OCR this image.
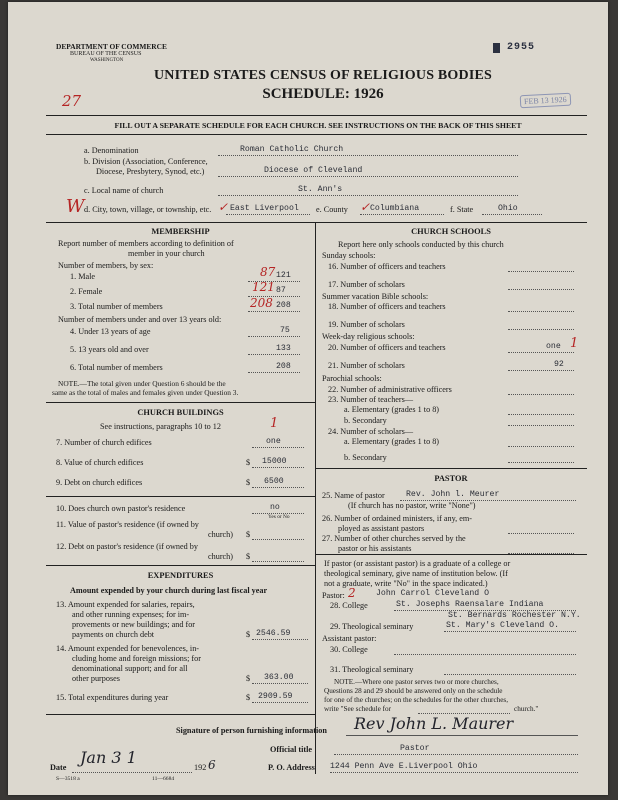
DEPARTMENT OF COMMERCE
BUREAU OF THE CENSUS
WASHINGTON
2955
UNITED STATES CENSUS OF RELIGIOUS BODIES
SCHEDULE: 1926	FEB 13 1926
27
FILL OUT A SEPARATE SCHEDULE FOR EACH CHURCH. SEE INSTRUCTIONS ON THE BACK OF THIS SHEET
a. Denomination	Roman Catholic Church
b. Division (Association, Conference,
Diocese, Presbytery, Synod, etc.)	Diocese of Cleveland
c. Local name of church	St. Ann's
W d. City, town, village, or township, etc. East Liverpool e. County	Columbiana	f. State	Ohio
✓	✓
MEMBERSHIP
Report number of members according to definition of
member in your church
Number of members, by sex:
1. Male	121
87
2. Female	87
121
3. Total number of members	208
208
Number of members under and over 13 years old:
4. Under 13 years of age	75
5. 13 years old and over	133
6. Total number of members	208
NOTE.—The total given under Question 6 should be the
same as the total of males and females given under Question 3.
CHURCH BUILDINGS
See instructions, paragraphs 10 to 12	1
7. Number of church edifices	one
8. Value of church edifices	$ 15000
9. Debt on church edifices	$ 6500
10. Does church own pastor's residence	no
Yes or No
11. Value of pastor's residence (if owned by
church) $
12. Debt on pastor's residence (if owned by
church) $
EXPENDITURES
Amount expended by your church during last fiscal year
13. Amount expended for salaries, repairs,
and other running expenses; for im-
provements or new buildings; and for
payments on church debt	$ 2546.59
14. Amount expended for benevolences, in-
cluding home and foreign missions; for
denominational support; and for all
other purposes	$ 363.00
15. Total expenditures during year	$ 2909.59
CHURCH SCHOOLS
Report here only schools conducted by this church
Sunday schools:
16. Number of officers and teachers
17. Number of scholars
Summer vacation Bible schools:
18. Number of officers and teachers
19. Number of scholars
Week-day religious schools:
20. Number of officers and teachers	one 1
21. Number of scholars	92
Parochial schools:
22. Number of administrative officers
23. Number of teachers—
a. Elementary (grades 1 to 8)
b. Secondary
24. Number of scholars—
a. Elementary (grades 1 to 8)
b. Secondary
PASTOR
25. Name of pastor	Rev. John l. Meurer
(If church has no pastor, write "None")
26. Number of ordained ministers, if any, em-
ployed as assistant pastors
27. Number of other churches served by the
pastor or his assistants
If pastor (or assistant pastor) is a graduate of a college or
theological seminary, give name of institution below. (If
not a graduate, write "No" in the space indicated.)
Pastor: 2 John Carrol Cleveland O
28. College	St. Josephs Raensalare Indiana
St. Bernards Rochester N.Y.
29. Theological seminary	St. Mary's Cleveland O.
Assistant pastor:
30. College
31. Theological seminary
NOTE.—Where one pastor serves two or more churches,
Questions 28 and 29 should be answered only on the schedule
for one of the churches; on the schedules for the other churches,
write "See schedule for	church."
Signature of person furnishing information Rev John L. Maurer
Official title	Pastor
Date
Jan 3 1
192 6	P. O. Address 1244 Penn Ave E.Liverpool Ohio
S—3518 a	11—6684
